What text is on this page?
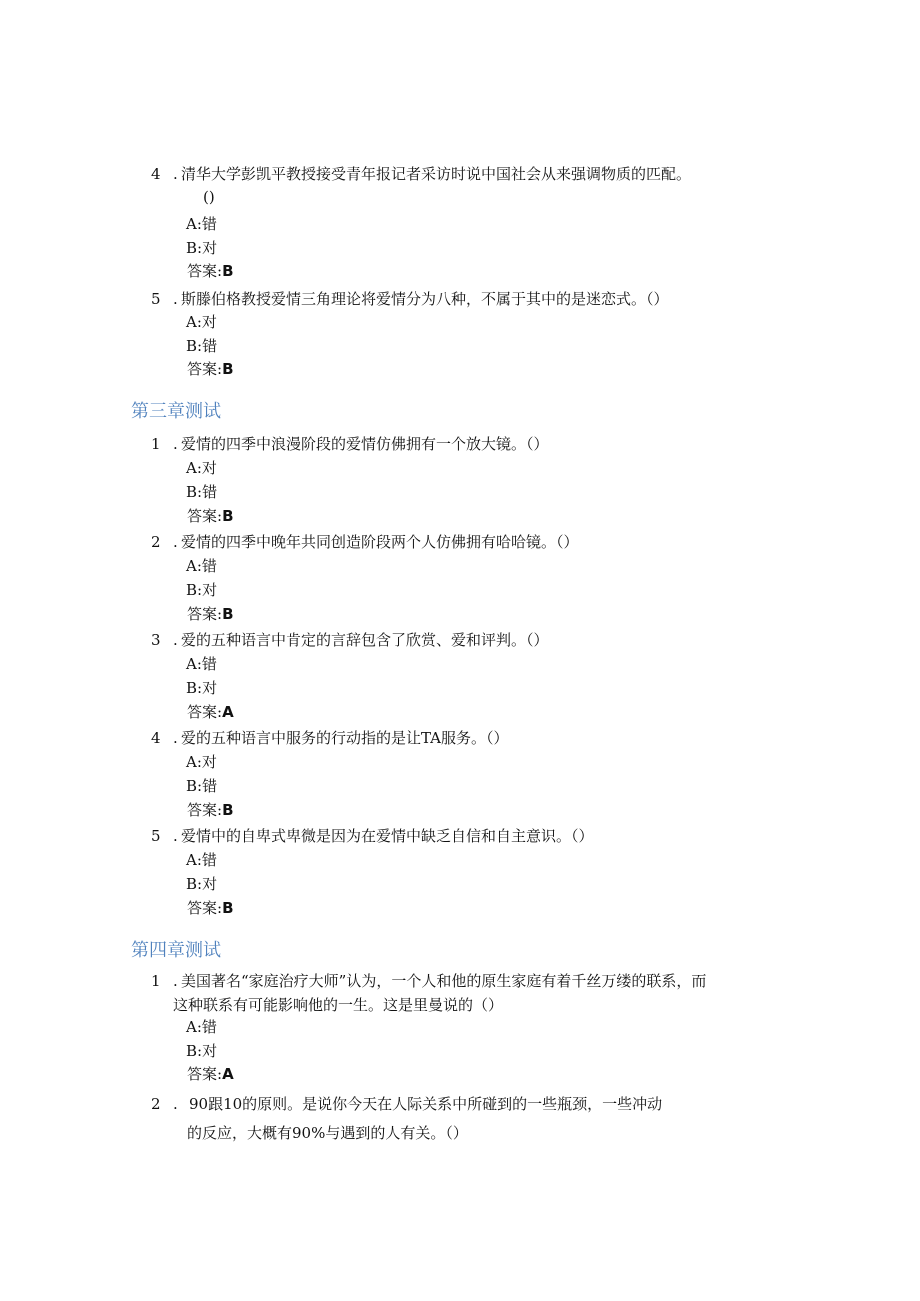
4 . 清华大学彭凯平教授接受青年报记者采访时说中国社会从来强调物质的匹配。
()
A:错
B:对
答案:B
5 . 斯滕伯格教授爱情三角理论将爱情分为八种，不属于其中的是迷恋式。（）
A:对
B:错
答案:B
第三章测试
1 . 爱情的四季中浪漫阶段的爱情仿佛拥有一个放大镜。（）
A:对
B:错
答案:B
2 . 爱情的四季中晚年共同创造阶段两个人仿佛拥有哈哈镜。（）
A:错
B:对
答案:B
3 . 爱的五种语言中肯定的言辞包含了欣赏、爱和评判。（）
A:错
B:对
答案:A
4 . 爱的五种语言中服务的行动指的是让TA服务。（）
A:对
B:错
答案:B
5 . 爱情中的自卑式卑微是因为在爱情中缺乏自信和自主意识。（）
A:错
B:对
答案:B
第四章测试
1 . 美国著名“家庭治疗大师”认为，一个人和他的原生家庭有着千丝万缕的联系，而
这种联系有可能影响他的一生。这是里曼说的（）
A:错
B:对
答案:A
2 . 90跟10的原则。是说你今天在人际关系中所碰到的一些瓶颈，一些冲动
的反应，大概有90%与遇到的人有关。（）
